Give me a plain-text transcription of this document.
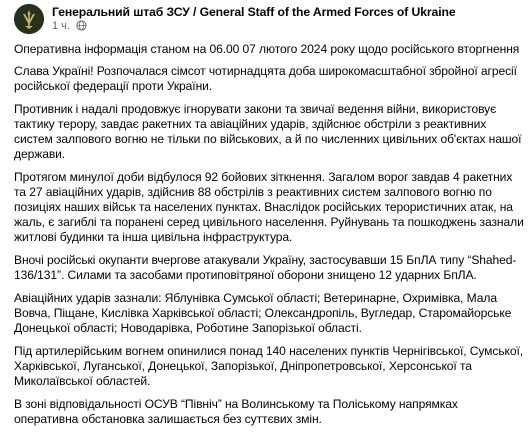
Генеральний штаб ЗСУ / General Staff of the Armed Forces of Ukraine
1 ч.

Оперативна інформація станом на 06.00 07 лютого 2024 року щодо російського вторгнення

Слава Україні! Розпочалася сімсот чотирнадцята доба широкомасштабної збройної агресії російської федерації проти України.

Противник і надалі продовжує ігнорувати закони та звичаї ведення війни, використовує тактику терору, завдає ракетних та авіаційних ударів, здійснює обстріли з реактивних систем залпового вогню не тільки по військових, а й по численних цивільних об'єктах нашої держави.

Протягом минулої доби відбулося 92 бойових зіткнення. Загалом ворог завдав 4 ракетних та 27 авіаційних ударів, здійснив 88 обстрілів з реактивних систем залпового вогню по позиціях наших військ та населених пунктах. Внаслідок російських терористичних атак, на жаль, є загиблі та поранені серед цивільного населення. Руйнувань та пошкоджень зазнали житлові будинки та інша цивільна інфраструктура.

Вночі російські окупанти вчергове атакували Україну, застосувавши 15 БпЛА типу “Shahed-136/131”. Силами та засобами протиповітряної оборони знищено 12 ударних БпЛА.

Авіаційних ударів зазнали: Яблунівка Сумської області; Ветеринарне, Охримівка, Мала Вовча, Піщане, Кислівка Харківської області; Олександропіль, Вугледар, Старомайорське Донецької області; Новодарівка, Роботине Запорізької області.

Під артилерійським вогнем опинилися понад 140 населених пунктів Чернігівської, Сумської, Харківської, Луганської, Донецької, Запорізької, Дніпропетровської, Херсонської та Миколаївської областей.

В зоні відповідальності ОСУВ “Північ” на Волинському та Поліському напрямках оперативна обстановка залишається без суттєвих змін.
